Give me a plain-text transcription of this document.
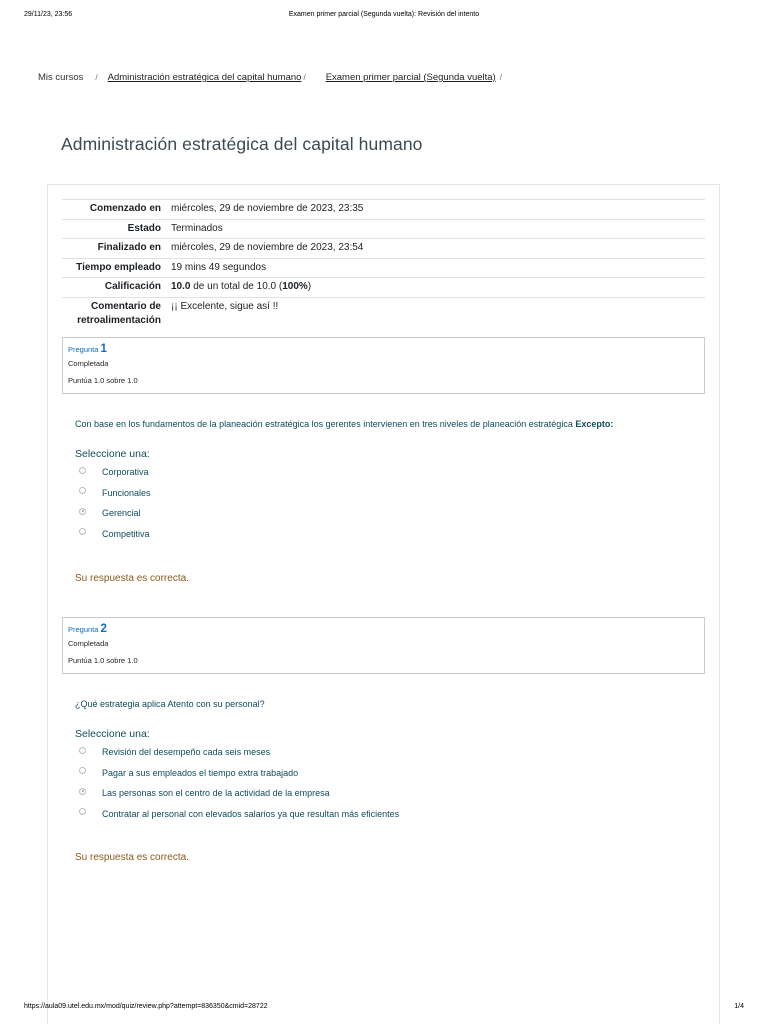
29/11/23, 23:56	Examen primer parcial (Segunda vuelta): Revisión del intento
Mis cursos / Administración estratégica del capital humano / Examen primer parcial (Segunda vuelta) /
Administración estratégica del capital humano
Comenzado en	miércoles, 29 de noviembre de 2023, 23:35
Estado	Terminados
Finalizado en	miércoles, 29 de noviembre de 2023, 23:54
Tiempo empleado	19 mins 49 segundos
Calificación	10.0 de un total de 10.0 (100%)
Comentario de retroalimentación	¡¡ Excelente, sigue así !!
Pregunta 1
Completada
Puntúa 1.0 sobre 1.0
Con base en los fundamentos de la planeación estratégica los gerentes intervienen en tres niveles de planeación estratégica Excepto:
Seleccione una:
Corporativa
Funcionales
Gerencial
Competitiva
Su respuesta es correcta.
Pregunta 2
Completada
Puntúa 1.0 sobre 1.0
¿Qué estrategia aplica Atento con su personal?
Seleccione una:
Revisión del desempeño cada seis meses
Pagar a sus empleados el tiempo extra trabajado
Las personas son el centro de la actividad de la empresa
Contratar al personal con elevados salarios ya que resultan más eficientes
Su respuesta es correcta.
https://aula09.utel.edu.mx/mod/quiz/review.php?attempt=836350&cmid=28722	1/4
